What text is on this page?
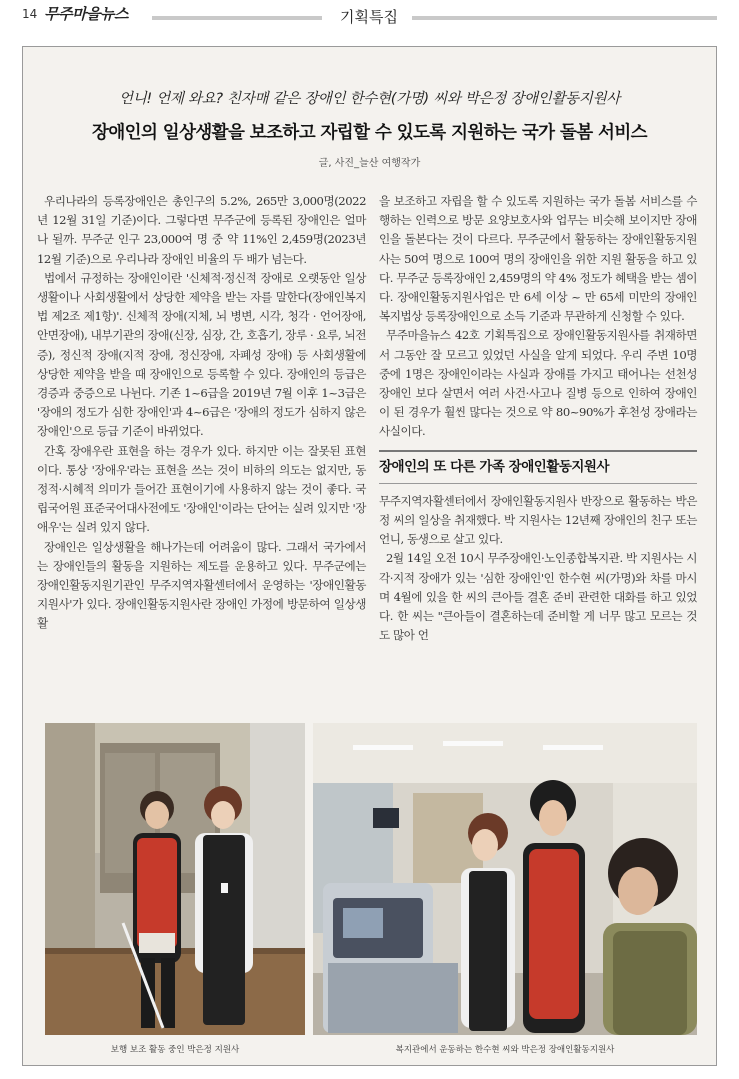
14 무주마을뉴스	기획특집
언니! 언제 와요? 친자매 같은 장애인 한수현(가명) 씨와 박은정 장애인활동지원사
장애인의 일상생활을 보조하고 자립할 수 있도록 지원하는 국가 돌봄 서비스
글, 사진_늘산 여행작가

우리나라의 등록장애인은 총인구의 5.2%, 265만 3,000명(2022년 12월 31일 기준)이다. 그렇다면 무주군에 등록된 장애인은 얼마나 될까. 무주군 인구 23,000여 명 중 약 11%인 2,459명(2023년 12월 기준)으로 우리나라 장애인 비율의 두 배가 넘는다.

법에서 규정하는 장애인이란 '신체적·정신적 장애로 오랫동안 일상생활이나 사회생활에서 상당한 제약을 받는 자를 말한다(장애인복지법 제2조 제1항)'. 신체적 장애(지체, 뇌 병변, 시각, 청각 · 언어장애, 안면장애), 내부기관의 장애(신장, 심장, 간, 호흡기, 장루 · 요루, 뇌전증), 정신적 장애(지적 장애, 정신장애, 자폐성 장애) 등 사회생활에 상당한 제약을 받을 때 장애인으로 등록할 수 있다. 장애인의 등급은 경증과 중증으로 나뉜다. 기존 1~6급을 2019년 7월 이후 1~3급은 '장애의 정도가 심한 장애인'과 4~6급은 '장애의 정도가 심하지 않은 장애인'으로 등급 기준이 바뀌었다.

간혹 장애우란 표현을 하는 경우가 있다. 하지만 이는 잘못된 표현이다. 통상 '장애우'라는 표현을 쓰는 것이 비하의 의도는 없지만, 동정적·시혜적 의미가 들어간 표현이기에 사용하지 않는 것이 좋다. 국립국어원 표준국어대사전에도 '장애인'이라는 단어는 실려 있지만 '장애우'는 실려 있지 않다.

장애인은 일상생활을 해나가는데 어려움이 많다. 그래서 국가에서는 장애인들의 활동을 지원하는 제도를 운용하고 있다. 무주군에는 장애인활동지원기관인 무주지역자활센터에서 운영하는 '장애인활동지원사'가 있다. 장애인활동지원사란 장애인 가정에 방문하여 일상생활

을 보조하고 자립을 할 수 있도록 지원하는 국가 돌봄 서비스를 수행하는 인력으로 방문 요양보호사와 업무는 비슷해 보이지만 장애인을 돌본다는 것이 다르다. 무주군에서 활동하는 장애인활동지원사는 50여 명으로 100여 명의 장애인을 위한 지원 활동을 하고 있다. 무주군 등록장애인 2,459명의 약 4% 정도가 혜택을 받는 셈이다. 장애인활동지원사업은 만 6세 이상 ~ 만 65세 미만의 장애인복지법상 등록장애인으로 소득 기준과 무관하게 신청할 수 있다.

무주마을뉴스 42호 기획특집으로 장애인활동지원사를 취재하면서 그동안 잘 모르고 있었던 사실을 알게 되었다. 우리 주변 10명 중에 1명은 장애인이라는 사실과 장애를 가지고 태어나는 선천성 장애인 보다 살면서 여러 사건·사고나 질병 등으로 인하여 장애인이 된 경우가 훨씬 많다는 것으로 약 80~90%가 후천성 장애라는 사실이다.

장애인의 또 다른 가족 장애인활동지원사

무주지역자활센터에서 장애인활동지원사 반장으로 활동하는 박은정 씨의 일상을 취재했다. 박 지원사는 12년째 장애인의 친구 또는 언니, 동생으로 살고 있다.

2월 14일 오전 10시 무주장애인·노인종합복지관. 박 지원사는 시각·지적 장애가 있는 '심한 장애인'인 한수현 씨(가명)와 차를 마시며 4월에 있을 한 씨의 큰아들 결혼 준비 관련한 대화를 하고 있었다. 한 씨는 "큰아들이 결혼하는데 준비할 게 너무 많고 모르는 것도 많아 언

보행 보조 활동 중인 박은정 지원사	복지관에서 운동하는 한수현 씨와 박은정 장애인활동지원사
